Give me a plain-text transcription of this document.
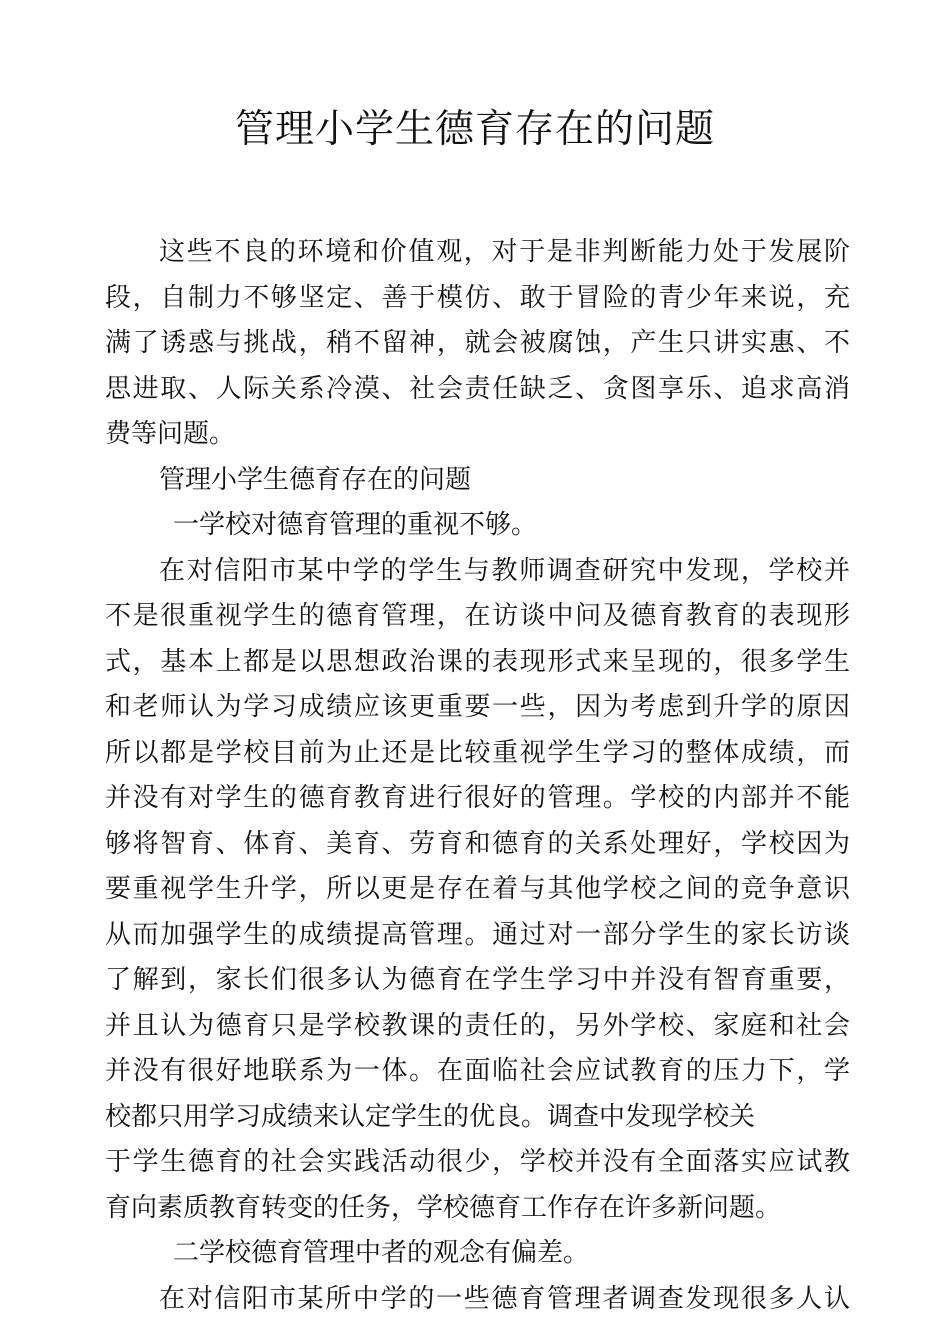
管理小学生德育存在的问题
这些不良的环境和价值观，对于是非判断能力处于发展阶
段，自制力不够坚定、善于模仿、敢于冒险的青少年来说，充
满了诱惑与挑战，稍不留神，就会被腐蚀，产生只讲实惠、不
思进取、人际关系冷漠、社会责任缺乏、贪图享乐、追求高消
费等问题。
管理小学生德育存在的问题
一学校对德育管理的重视不够。
在对信阳市某中学的学生与教师调查研究中发现，学校并
不是很重视学生的德育管理，在访谈中问及德育教育的表现形
式，基本上都是以思想政治课的表现形式来呈现的，很多学生
和老师认为学习成绩应该更重要一些，因为考虑到升学的原因
所以都是学校目前为止还是比较重视学生学习的整体成绩，而
并没有对学生的德育教育进行很好的管理。学校的内部并不能
够将智育、体育、美育、劳育和德育的关系处理好，学校因为
要重视学生升学，所以更是存在着与其他学校之间的竞争意识
从而加强学生的成绩提高管理。通过对一部分学生的家长访谈
了解到，家长们很多认为德育在学生学习中并没有智育重要，
并且认为德育只是学校教课的责任的，另外学校、家庭和社会
并没有很好地联系为一体。在面临社会应试教育的压力下，学
校都只用学习成绩来认定学生的优良。调查中发现学校关
于学生德育的社会实践活动很少，学校并没有全面落实应试教
育向素质教育转变的任务，学校德育工作存在许多新问题。
二学校德育管理中者的观念有偏差。
在对信阳市某所中学的一些德育管理者调查发现很多人认
